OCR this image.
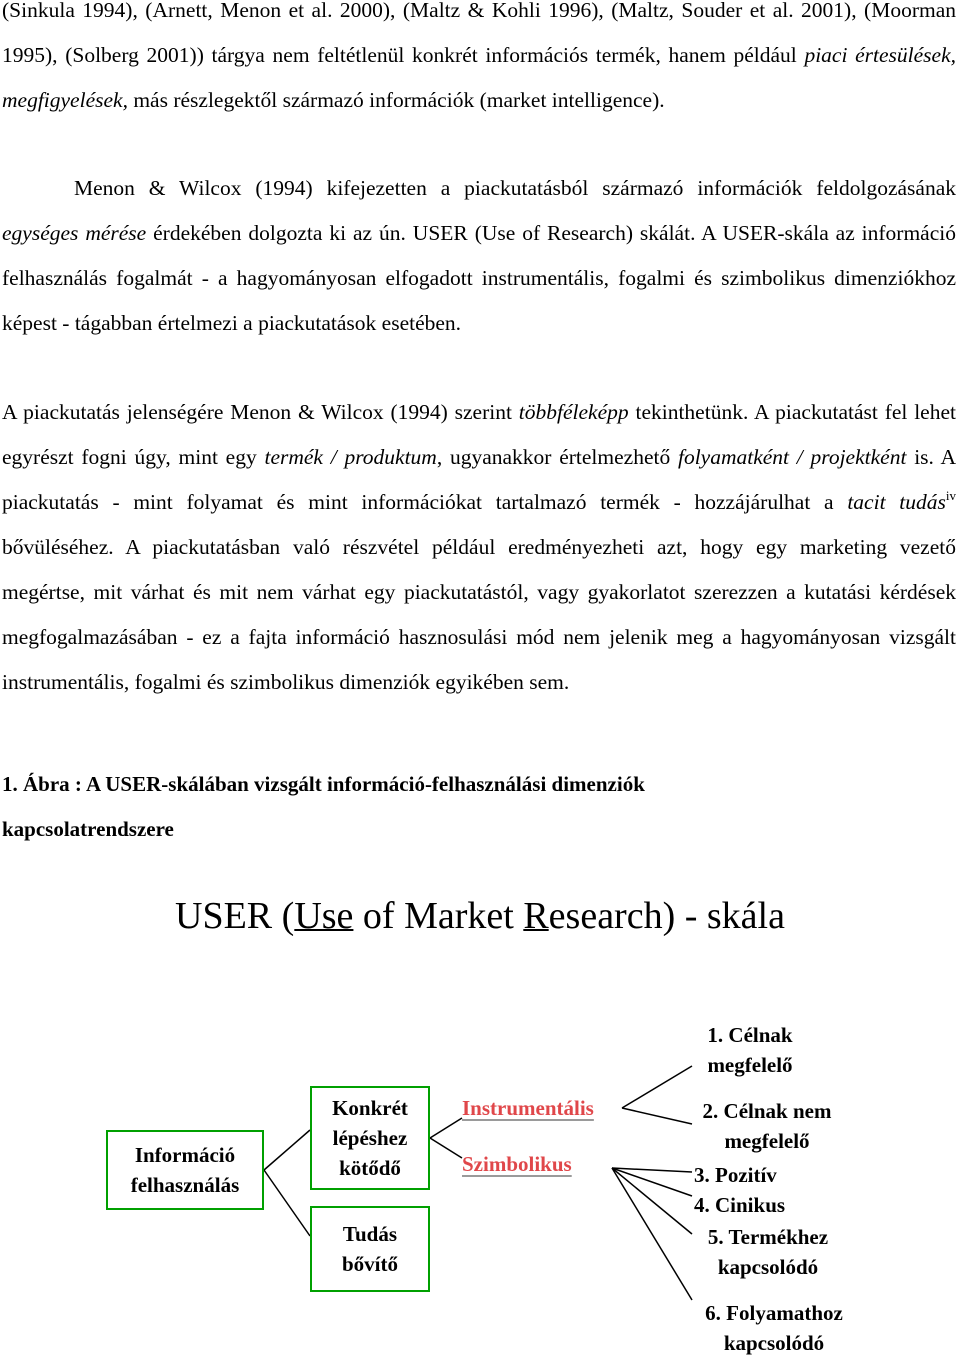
(Sinkula 1994), (Arnett, Menon et al. 2000), (Maltz & Kohli 1996), (Maltz, Souder et al. 2001), (Moorman 1995), (Solberg 2001)) tárgya nem feltétlenül konkrét információs termék, hanem például piaci értesülések, megfigyelések, más részlegektől származó információk (market intelligence).

Menon & Wilcox (1994) kifejezetten a piackutatásból származó információk feldolgozásának egységes mérése érdekében dolgozta ki az ún. USER (Use of Research) skálát. A USER-skála az információ felhasználás fogalmát - a hagyományosan elfogadott instrumentális, fogalmi és szimbolikus dimenziókhoz képest - tágabban értelmezi a piackutatások esetében.

A piackutatás jelenségére Menon & Wilcox (1994) szerint többféleképp tekinthetünk. A piackutatást fel lehet egyrészt fogni úgy, mint egy termék / produktum, ugyanakkor értelmezhető folyamatként / projektként is. A piackutatás - mint folyamat és mint információkat tartalmazó termék - hozzájárulhat a tacit tudás$^{iv}$ bővüléséhez. A piackutatásban való részvétel például eredményezheti azt, hogy egy marketing vezető megértse, mit várhat és mit nem várhat egy piackutatástól, vagy gyakorlatot szerezzen a kutatási kérdések megfogalmazásában - ez a fajta információ hasznosulási mód nem jelenik meg a hagyományosan vizsgált instrumentális, fogalmi és szimbolikus dimenziók egyikében sem.

1. Ábra : A USER-skálában vizsgált információ-felhasználási dimenziók

kapcsolatrendszere

USER (Use of Market Research) - skála
Információ
felhasználás
Konkrét
lépéshez
kötődő
Tudás
bővítő
Instrumentális
Szimbolikus
1. Célnak
megfelelő
2. Célnak nem
megfelelő
3. Pozitív
4. Cinikus
5. Termékhez
kapcsolódó
6. Folyamathoz
kapcsolódó
